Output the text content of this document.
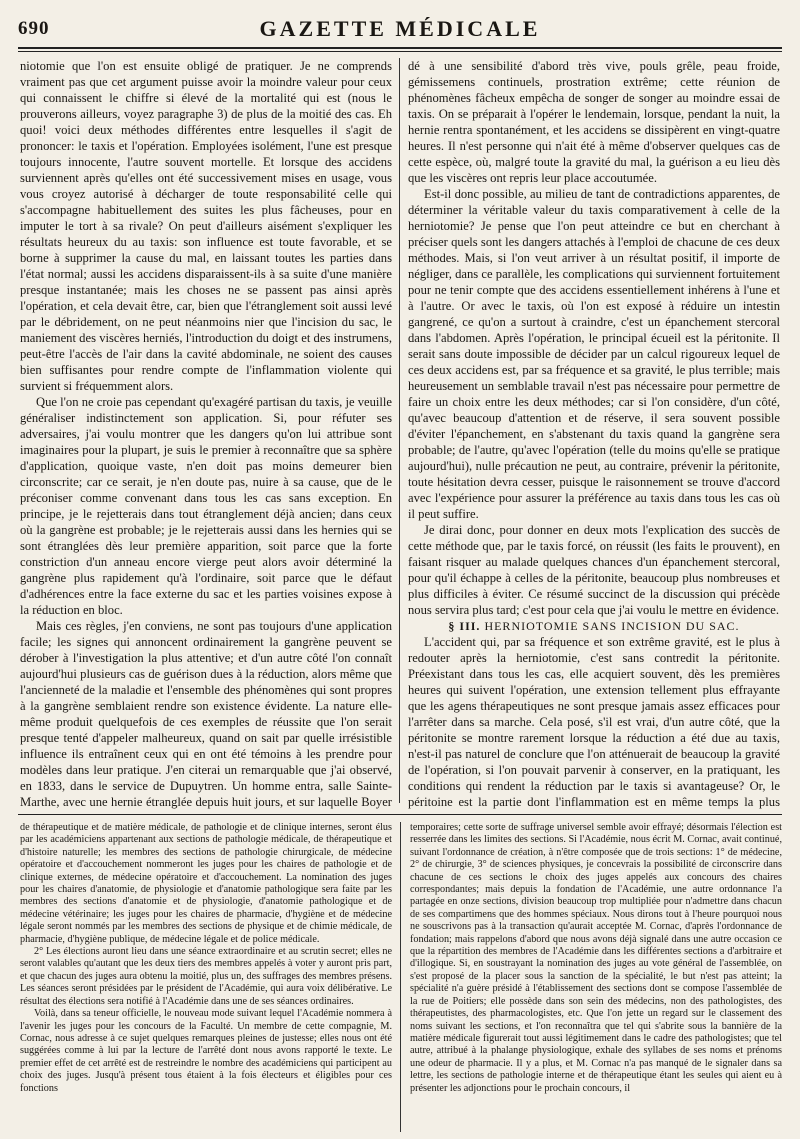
690	GAZETTE MÉDICALE

niotomie que l'on est ensuite obligé de pratiquer. Je ne comprends vraiment pas que cet argument puisse avoir la moindre valeur pour ceux qui connaissent le chiffre si élevé de la mortalité qui est (nous le prouverons ailleurs, voyez paragraphe 3) de plus de la moitié des cas. Eh quoi! voici deux méthodes différentes entre lesquelles il s'agit de prononcer: le taxis et l'opération. Employées isolément, l'une est presque toujours innocente, l'autre souvent mortelle. Et lorsque des accidens surviennent après qu'elles ont été successivement mises en usage, vous vous croyez autorisé à décharger de toute responsabilité celle qui s'accompagne habituellement des suites les plus fâcheuses, pour en imputer le tort à sa rivale? On peut d'ailleurs aisément s'expliquer les résultats heureux du au taxis: son influence est toute favorable, et se borne à supprimer la cause du mal, en laissant toutes les parties dans l'état normal; aussi les accidens disparaissent-ils à sa suite d'une manière presque instantanée; mais les choses ne se passent pas ainsi après l'opération, et cela devait être, car, bien que l'étranglement soit aussi levé par le débridement, on ne peut néanmoins nier que l'incision du sac, le maniement des viscères herniés, l'introduction du doigt et des instrumens, peut-être l'accès de l'air dans la cavité abdominale, ne soient des causes bien suffisantes pour rendre compte de l'inflammation violente qui survient si fréquemment alors.

Que l'on ne croie pas cependant qu'exagéré partisan du taxis, je veuille généraliser indistinctement son application. Si, pour réfuter ses adversaires, j'ai voulu montrer que les dangers qu'on lui attribue sont imaginaires pour la plupart, je suis le premier à reconnaître que sa sphère d'application, quoique vaste, n'en doit pas moins demeurer bien circonscrite; car ce serait, je n'en doute pas, nuire à sa cause, que de le préconiser comme convenant dans tous les cas sans exception. En principe, je le rejetterais dans tout étranglement déjà ancien; dans ceux où la gangrène est probable; je le rejetterais aussi dans les hernies qui se sont étranglées dès leur première apparition, soit parce que la forte constriction d'un anneau encore vierge peut alors avoir déterminé la gangrène plus rapidement qu'à l'ordinaire, soit parce que le défaut d'adhérences entre la face externe du sac et les parties voisines expose à la réduction en bloc.

Mais ces règles, j'en conviens, ne sont pas toujours d'une application facile; les signes qui annoncent ordinairement la gangrène peuvent se dérober à l'investigation la plus attentive; et d'un autre côté l'on connaît aujourd'hui plusieurs cas de guérison dues à la réduction, alors même que l'ancienneté de la maladie et l'ensemble des phénomènes qui sont propres à la gangrène semblaient rendre son existence évidente. La nature elle-même produit quelquefois de ces exemples de réussite que l'on serait presque tenté d'appeler malheureux, quand on sait par quelle irrésistible influence ils entraînent ceux qui en ont été témoins à les prendre pour modèles dans leur pratique. J'en citerai un remarquable que j'ai observé, en 1833, dans le service de Dupuytren. Un homme entra, salle Sainte-Marthe, avec une hernie étranglée depuis huit jours, et sur laquelle Boyer

dé à une sensibilité d'abord très vive, pouls grêle, peau froide, gémissemens continuels, prostration extrême; cette réunion de phénomènes fâcheux empêcha de songer de songer au moindre essai de taxis. On se préparait à l'opérer le lendemain, lorsque, pendant la nuit, la hernie rentra spontanément, et les accidens se dissipèrent en vingt-quatre heures. Il n'est personne qui n'ait été à même d'observer quelques cas de cette espèce, où, malgré toute la gravité du mal, la guérison a eu lieu dès que les viscères ont repris leur place accoutumée.

Est-il donc possible, au milieu de tant de contradictions apparentes, de déterminer la véritable valeur du taxis comparativement à celle de la herniotomie? Je pense que l'on peut atteindre ce but en cherchant à préciser quels sont les dangers attachés à l'emploi de chacune de ces deux méthodes. Mais, si l'on veut arriver à un résultat positif, il importe de négliger, dans ce parallèle, les complications qui surviennent fortuitement pour ne tenir compte que des accidens essentiellement inhérens à l'une et à l'autre. Or avec le taxis, où l'on est exposé à réduire un intestin gangrené, ce qu'on a surtout à craindre, c'est un épanchement stercoral dans l'abdomen. Après l'opération, le principal écueil est la péritonite. Il serait sans doute impossible de décider par un calcul rigoureux lequel de ces deux accidens est, par sa fréquence et sa gravité, le plus terrible; mais heureusement un semblable travail n'est pas nécessaire pour permettre de faire un choix entre les deux méthodes; car si l'on considère, d'un côté, qu'avec beaucoup d'attention et de réserve, il sera souvent possible d'éviter l'épanchement, en s'abstenant du taxis quand la gangrène sera probable; de l'autre, qu'avec l'opération (telle du moins qu'elle se pratique aujourd'hui), nulle précaution ne peut, au contraire, prévenir la péritonite, toute hésitation devra cesser, puisque le raisonnement se trouve d'accord avec l'expérience pour assurer la préférence au taxis dans tous les cas où il peut suffire.

Je dirai donc, pour donner en deux mots l'explication des succès de cette méthode que, par le taxis forcé, on réussit (les faits le prouvent), en faisant risquer au malade quelques chances d'un épanchement stercoral, pour qu'il échappe à celles de la péritonite, beaucoup plus nombreuses et plus difficiles à éviter. Ce résumé succinct de la discussion qui précède nous servira plus tard; c'est pour cela que j'ai voulu le mettre en évidence.

§ III. HERNIOTOMIE SANS INCISION DU SAC.

L'accident qui, par sa fréquence et son extrême gravité, est le plus à redouter après la herniotomie, c'est sans contredit la péritonite. Préexistant dans tous les cas, elle acquiert souvent, dès les premières heures qui suivent l'opération, une extension tellement plus effrayante que les agens thérapeutiques ne sont presque jamais assez efficaces pour l'arrêter dans sa marche. Cela posé, s'il est vrai, d'un autre côté, que la péritonite se montre rarement lorsque la réduction a été due au taxis, n'est-il pas naturel de conclure que l'on atténuerait de beaucoup la gravité de l'opération, si l'on pouvait parvenir à conserver, en la pratiquant, les conditions qui rendent la réduction par le taxis si avantageuse? Or, le péritoine est la partie dont l'inflammation est en même temps la plus

de thérapeutique et de matière médicale, de pathologie et de clinique internes, seront élus par les académiciens appartenant aux sections de pathologie médicale, de thérapeutique et d'histoire naturelle; les membres des sections de pathologie chirurgicale, de médecine opératoire et d'accouchement nommeront les juges pour les chaires de pathologie et de clinique externes, de médecine opératoire et d'accouchement. La nomination des juges pour les chaires d'anatomie, de physiologie et d'anatomie pathologique sera faite par les membres des sections d'anatomie et de physiologie, d'anatomie pathologique et de médecine vétérinaire; les juges pour les chaires de pharmacie, d'hygiène et de médecine légale seront nommés par les membres des sections de physique et de chimie médicale, de pharmacie, d'hygiène publique, de médecine légale et de police médicale.

2° Les élections auront lieu dans une séance extraordinaire et au scrutin secret; elles ne seront valables qu'autant que les deux tiers des membres appelés à voter y auront pris part, et que chacun des juges aura obtenu la moitié, plus un, des suffrages des membres présens. Les séances seront présidées par le président de l'Académie, qui aura voix délibérative. Le résultat des élections sera notifié à l'Académie dans une de ses séances ordinaires.

Voilà, dans sa teneur officielle, le nouveau mode suivant lequel l'Académie nommera à l'avenir les juges pour les concours de la Faculté. Un membre de cette compagnie, M. Cornac, nous adresse à ce sujet quelques remarques pleines de justesse; elles nous ont été suggérées comme à lui par la lecture de l'arrêté dont nous avons rapporté le texte. Le premier effet de cet arrêté est de restreindre le nombre des académiciens qui participent au choix des juges. Jusqu'à présent tous étaient à la fois électeurs et éligibles pour ces fonctions

temporaires; cette sorte de suffrage universel semble avoir effrayé; désormais l'élection est resserrée dans les limites des sections. Si l'Académie, nous écrit M. Cornac, avait continué, suivant l'ordonnance de création, à n'être composée que de trois sections: 1° de médecine, 2° de chirurgie, 3° de sciences physiques, je concevrais la possibilité de circonscrire dans chacune de ces sections le choix des juges appelés aux concours des chaires correspondantes; mais depuis la fondation de l'Académie, une autre ordonnance l'a partagée en onze sections, division beaucoup trop multipliée pour n'admettre dans chacun de ses compartimens que des hommes spéciaux. Nous dirons tout à l'heure pourquoi nous ne souscrivons pas à la transaction qu'aurait acceptée M. Cornac, d'après l'ordonnance de fondation; mais rappelons d'abord que nous avons déjà signalé dans une autre occasion ce que la répartition des membres de l'Académie dans les différentes sections a d'arbitraire et d'illogique. Si, en soustrayant la nomination des juges au vote général de l'assemblée, on s'est proposé de la placer sous la sanction de la spécialité, le but n'est pas atteint; la spécialité n'a guère présidé à l'établissement des sections dont se compose l'assemblée de la rue de Poitiers; elle possède dans son sein des médecins, non des pathologistes, des thérapeutistes, des pharmacologistes, etc. Que l'on jette un regard sur le classement des noms suivant les sections, et l'on reconnaîtra que tel qui s'abrite sous la bannière de la matière médicale figurerait tout aussi légitimement dans le cadre des pathologistes; que tel autre, attribué à la phalange physiologique, exhale des syllabes de ses noms et prénoms une odeur de pharmacie. Il y a plus, et M. Cornac n'a pas manqué de le signaler dans sa lettre, les sections de pathologie interne et de thérapeutique étant les seules qui aient eu à présenter les adjonctions pour le prochain concours, il
